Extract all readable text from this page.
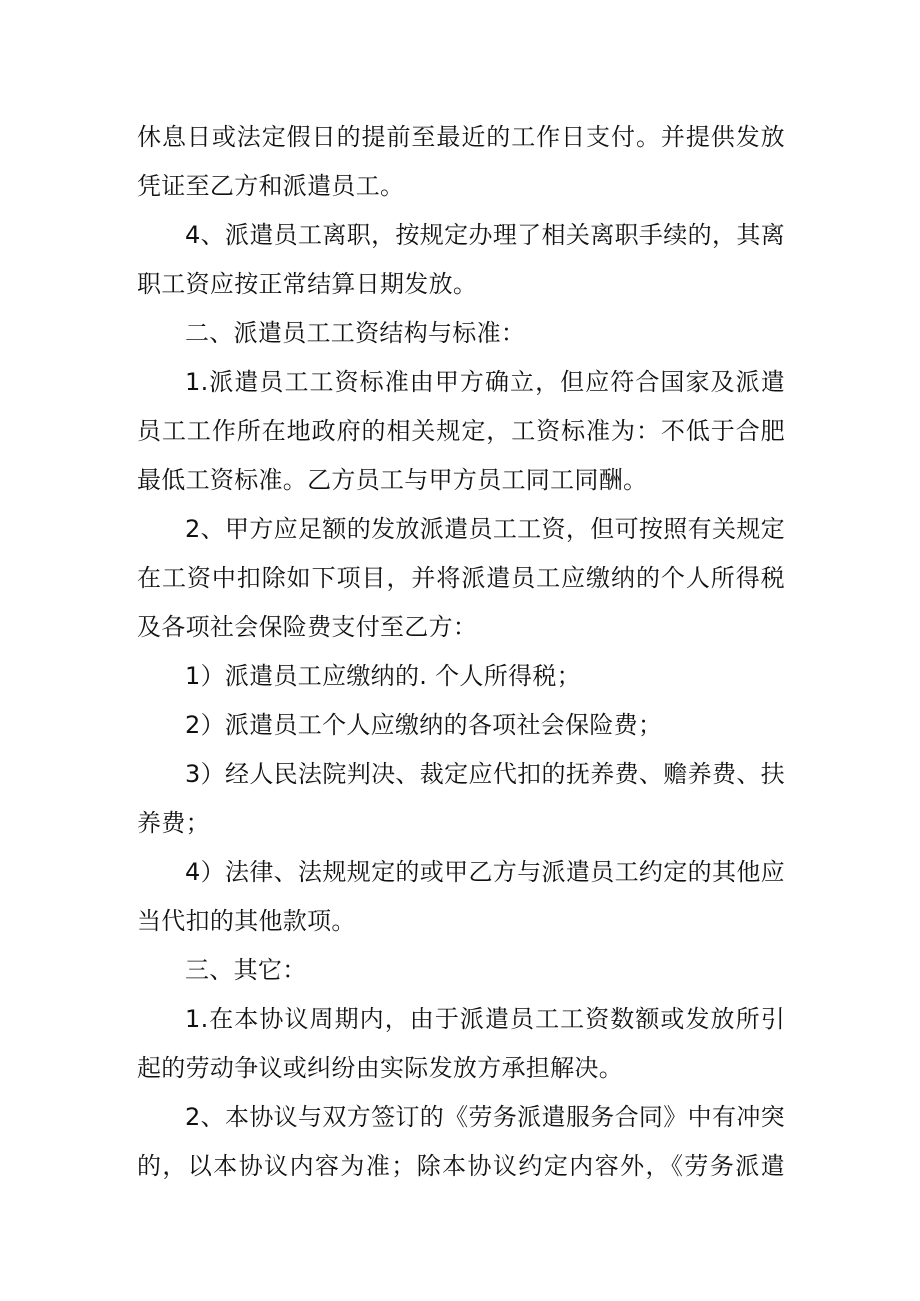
休息日或法定假日的提前至最近的工作日支付。并提供发放
凭证至乙方和派遣员工。
4、派遣员工离职，按规定办理了相关离职手续的，其离
职工资应按正常结算日期发放。
二、派遣员工工资结构与标准：
1.派遣员工工资标准由甲方确立，但应符合国家及派遣
员工工作所在地政府的相关规定，工资标准为：不低于合肥
最低工资标准。乙方员工与甲方员工同工同酬。
2、甲方应足额的发放派遣员工工资，但可按照有关规定
在工资中扣除如下项目，并将派遣员工应缴纳的个人所得税
及各项社会保险费支付至乙方：
1）派遣员工应缴纳的. 个人所得税；
2）派遣员工个人应缴纳的各项社会保险费；
3）经人民法院判决、裁定应代扣的抚养费、赡养费、扶
养费；
4）法律、法规规定的或甲乙方与派遣员工约定的其他应
当代扣的其他款项。
三、其它：
1.在本协议周期内，由于派遣员工工资数额或发放所引
起的劳动争议或纠纷由实际发放方承担解决。
2、本协议与双方签订的《劳务派遣服务合同》中有冲突
的，以本协议内容为准；除本协议约定内容外，《劳务派遣
